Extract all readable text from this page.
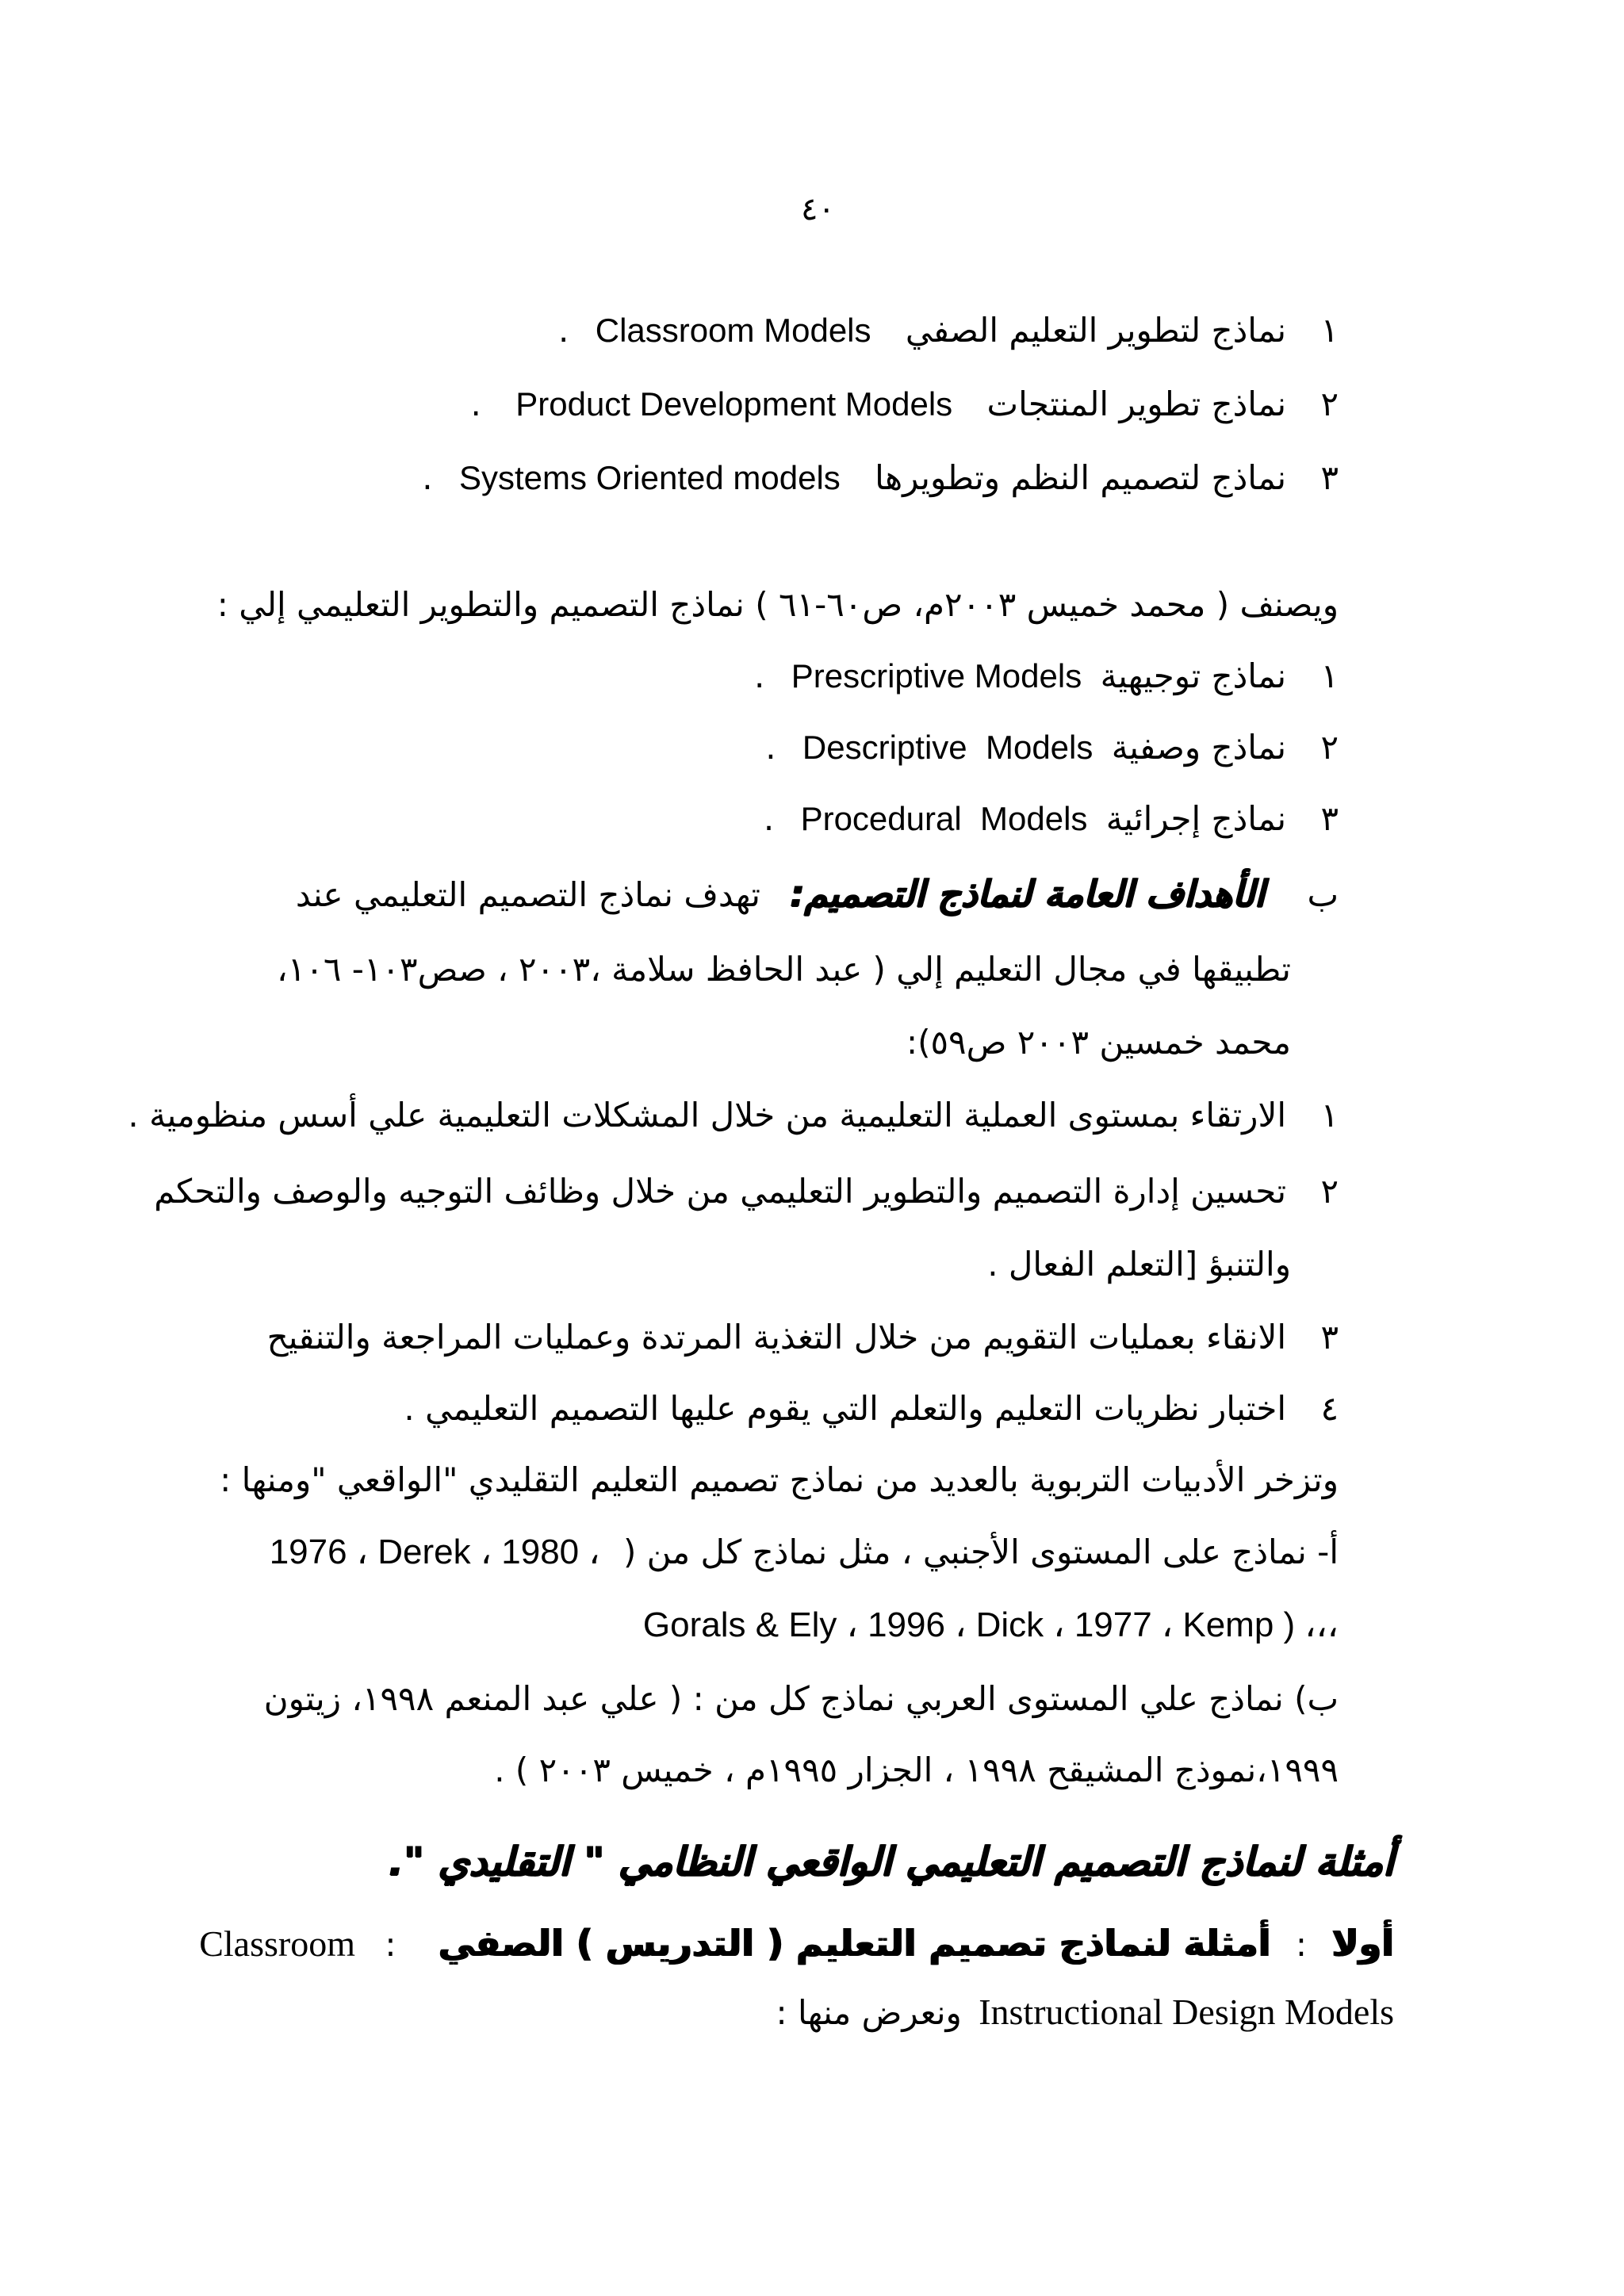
٤٠
١ نماذج لتطوير التعليم الصفي Classroom Models .
٢ نماذج تطوير المنتجات Product Development Models .
٣ نماذج لتصميم النظم وتطويرها Systems Oriented models .
ويصنف ( محمد خميس ٢٠٠٣م، ص٦٠-٦١ ) نماذج التصميم والتطوير التعليمي إلي :
١ نماذج توجيهية Prescriptive Models .
٢ نماذج وصفية Descriptive  Models .
٣ نماذج إجرائية Procedural  Models .
ب الأهداف العامة لنماذج التصميم: تهدف نماذج التصميم التعليمي عند
تطبيقها في مجال التعليم إلي ( عبد الحافظ سلامة ،٢٠٠٣ ، صص١٠٣- ١٠٦،
محمد خمسين ٢٠٠٣ ص٥٩):
١ الارتقاء بمستوى العملية التعليمية من خلال المشكلات التعليمية علي أسس منظومية .
٢ تحسين إدارة التصميم والتطوير التعليمي من خلال وظائف التوجيه والوصف والتحكم
والتنبؤ [التعلم الفعال .
٣ الانقاء بعمليات التقويم من خلال التغذية المرتدة وعمليات المراجعة والتنقيح
٤ اختبار نظريات التعليم والتعلم التي يقوم عليها التصميم التعليمي .
وتزخر الأدبيات التربوية بالعديد من نماذج تصميم التعليم التقليدي "الواقعي "ومنها :
أ- نماذج على المستوى الأجنبي ، مثل نماذج كل من ( 1976 ، Derek ، 1980 ،
Gorals & Ely ، 1996 ، Dick ، 1977 ، Kemp ) ،،،
ب) نماذج علي المستوى العربي نماذج كل من : ( علي عبد المنعم ١٩٩٨، زيتون
١٩٩٩،نموذج المشيقح ١٩٩٨ ، الجزار ١٩٩٥م ، خميس ٢٠٠٣ ) .
أمثلة لنماذج التصميم التعليمي الواقعي النظامي " التقليدي ".
أولا : أمثلة لنماذج تصميم التعليم ( التدريس ) الصفي : Classroom
Instructional Design Models ونعرض منها :
